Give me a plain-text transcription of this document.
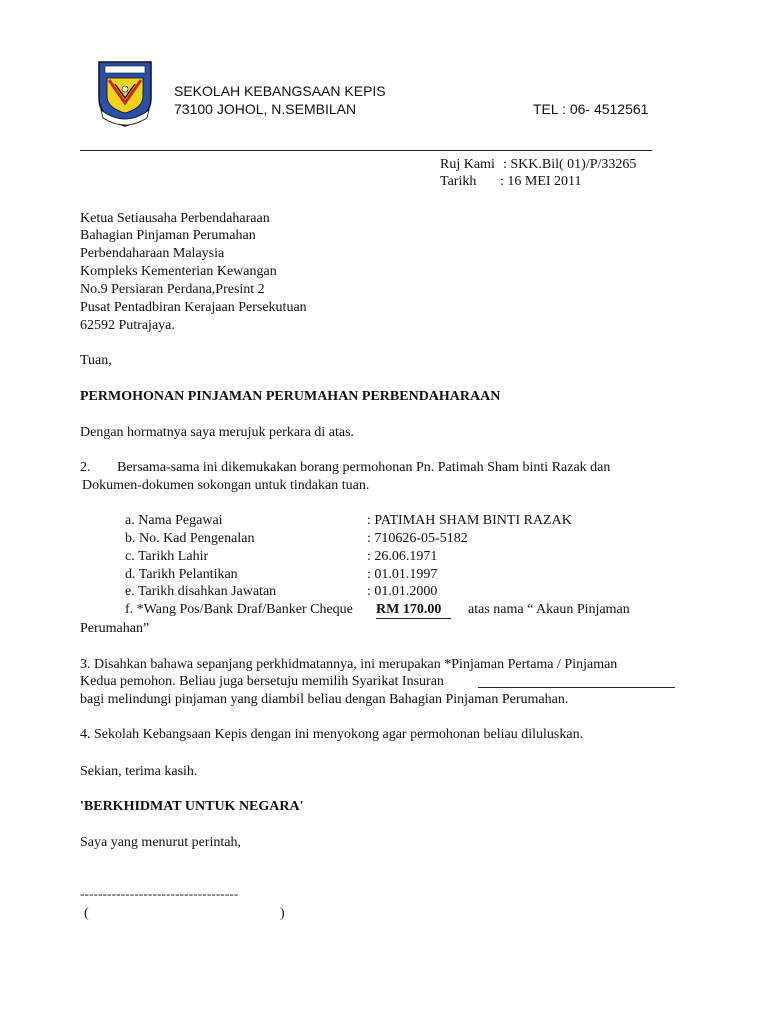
SEKOLAH KEBANGSAAN KEPIS
73100 JOHOL, N.SEMBILAN	TEL : 06- 4512561
Ruj Kami : SKK.Bil( 01)/P/33265
Tarikh : 16 MEI 2011
Ketua Setiausaha Perbendaharaan
Bahagian Pinjaman Perumahan
Perbendaharaan Malaysia
Kompleks Kementerian Kewangan
No.9 Persiaran Perdana,Presint 2
Pusat Pentadbiran Kerajaan Persekutuan
62592 Putrajaya.
Tuan,
PERMOHONAN PINJAMAN PERUMAHAN PERBENDAHARAAN
Dengan hormatnya saya merujuk perkara di atas.
2. Bersama-sama ini dikemukakan borang permohonan Pn. Patimah Sham binti Razak dan
Dokumen-dokumen sokongan untuk tindakan tuan.
a. Nama Pegawai	: PATIMAH SHAM BINTI RAZAK
b. No. Kad Pengenalan	: 710626-05-5182
c. Tarikh Lahir	: 26.06.1971
d. Tarikh Pelantikan	: 01.01.1997
e. Tarikh disahkan Jawatan	: 01.01.2000
f. *Wang Pos/Bank Draf/Banker Cheque RM 170.00	atas nama “ Akaun Pinjaman
Perumahan”
3. Disahkan bahawa sepanjang perkhidmatannya, ini merupakan *Pinjaman Pertama / Pinjaman
Kedua pemohon. Beliau juga bersetuju memilih Syarikat Insuran
bagi melindungi pinjaman yang diambil beliau dengan Bahagian Pinjaman Perumahan.
4. Sekolah Kebangsaan Kepis dengan ini menyokong agar permohonan beliau diluluskan.
Sekian, terima kasih.
'BERKHIDMAT UNTUK NEGARA'
Saya yang menurut perintah,
-----------------------------------
(	)
